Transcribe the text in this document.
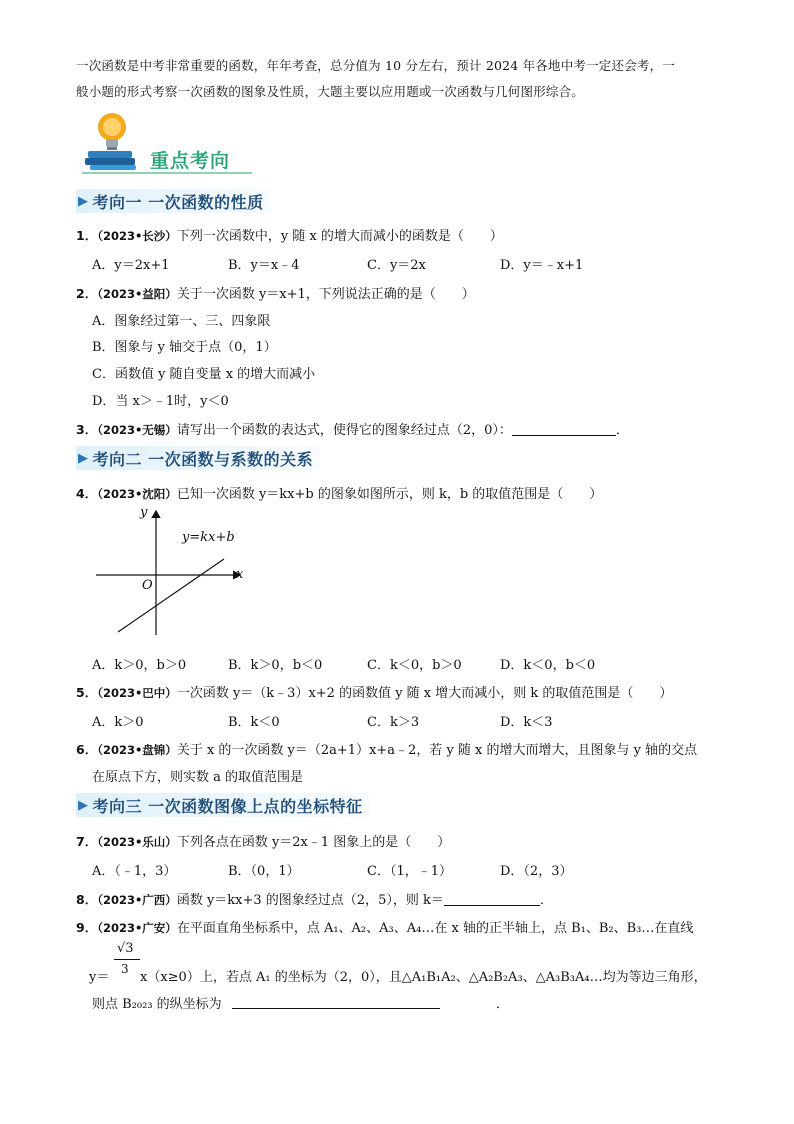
一次函数是中考非常重要的函数，年年考查，总分值为 10 分左右，预计 2024 年各地中考一定还会考，一
般小题的形式考察一次函数的图象及性质，大题主要以应用题或一次函数与几何图形综合。
重点考向
▶ 考向一 一次函数的性质
1．（2023•长沙）下列一次函数中，y 随 x 的增大而减小的函数是（　　）
A．y＝2x+1	B．y＝x﹣4	C．y＝2x	D．y＝﹣x+1
2．（2023•益阳）关于一次函数 y＝x+1，下列说法正确的是（　　）
A．图象经过第一、三、四象限
B．图象与 y 轴交于点（0，1）
C．函数值 y 随自变量 x 的增大而减小
D．当 x＞﹣1时，y＜0
3．（2023•无锡）请写出一个函数的表达式，使得它的图象经过点（2，0）：	．
▶ 考向二 一次函数与系数的关系
4．（2023•沈阳）已知一次函数 y＝kx+b 的图象如图所示，则 k，b 的取值范围是（　　）
y
x
O
y=kx+b
A．k＞0，b＞0	B．k＞0，b＜0	C．k＜0，b＞0	D．k＜0，b＜0
5．（2023•巴中）一次函数 y＝（k﹣3）x+2 的函数值 y 随 x 增大而减小，则 k 的取值范围是（　　）
A．k＞0	B．k＜0	C．k＞3	D．k＜3
6．（2023•盘锦）关于 x 的一次函数 y＝（2a+1）x+a﹣2，若 y 随 x 的增大而增大，且图象与 y 轴的交点
在原点下方，则实数 a 的取值范围是
▶ 考向三 一次函数图像上点的坐标特征
7．（2023•乐山）下列各点在函数 y＝2x﹣1 图象上的是（　　）
A．（﹣1，3）	B．（0，1）	C．（1，﹣1）	D．（2，3）
8．（2023•广西）函数 y＝kx+3 的图象经过点（2，5），则 k＝	．
9．（2023•广安）在平面直角坐标系中，点 A₁、A₂、A₃、A₄…在 x 轴的正半轴上，点 B₁、B₂、B₃…在直线
√3
y＝
3
x（x≥0）上，若点 A₁ 的坐标为（2，0），且△A₁B₁A₂、△A₂B₂A₃、△A₃B₃A₄…均为等边三角形，
则点 B₂₀₂₃ 的纵坐标为	．
